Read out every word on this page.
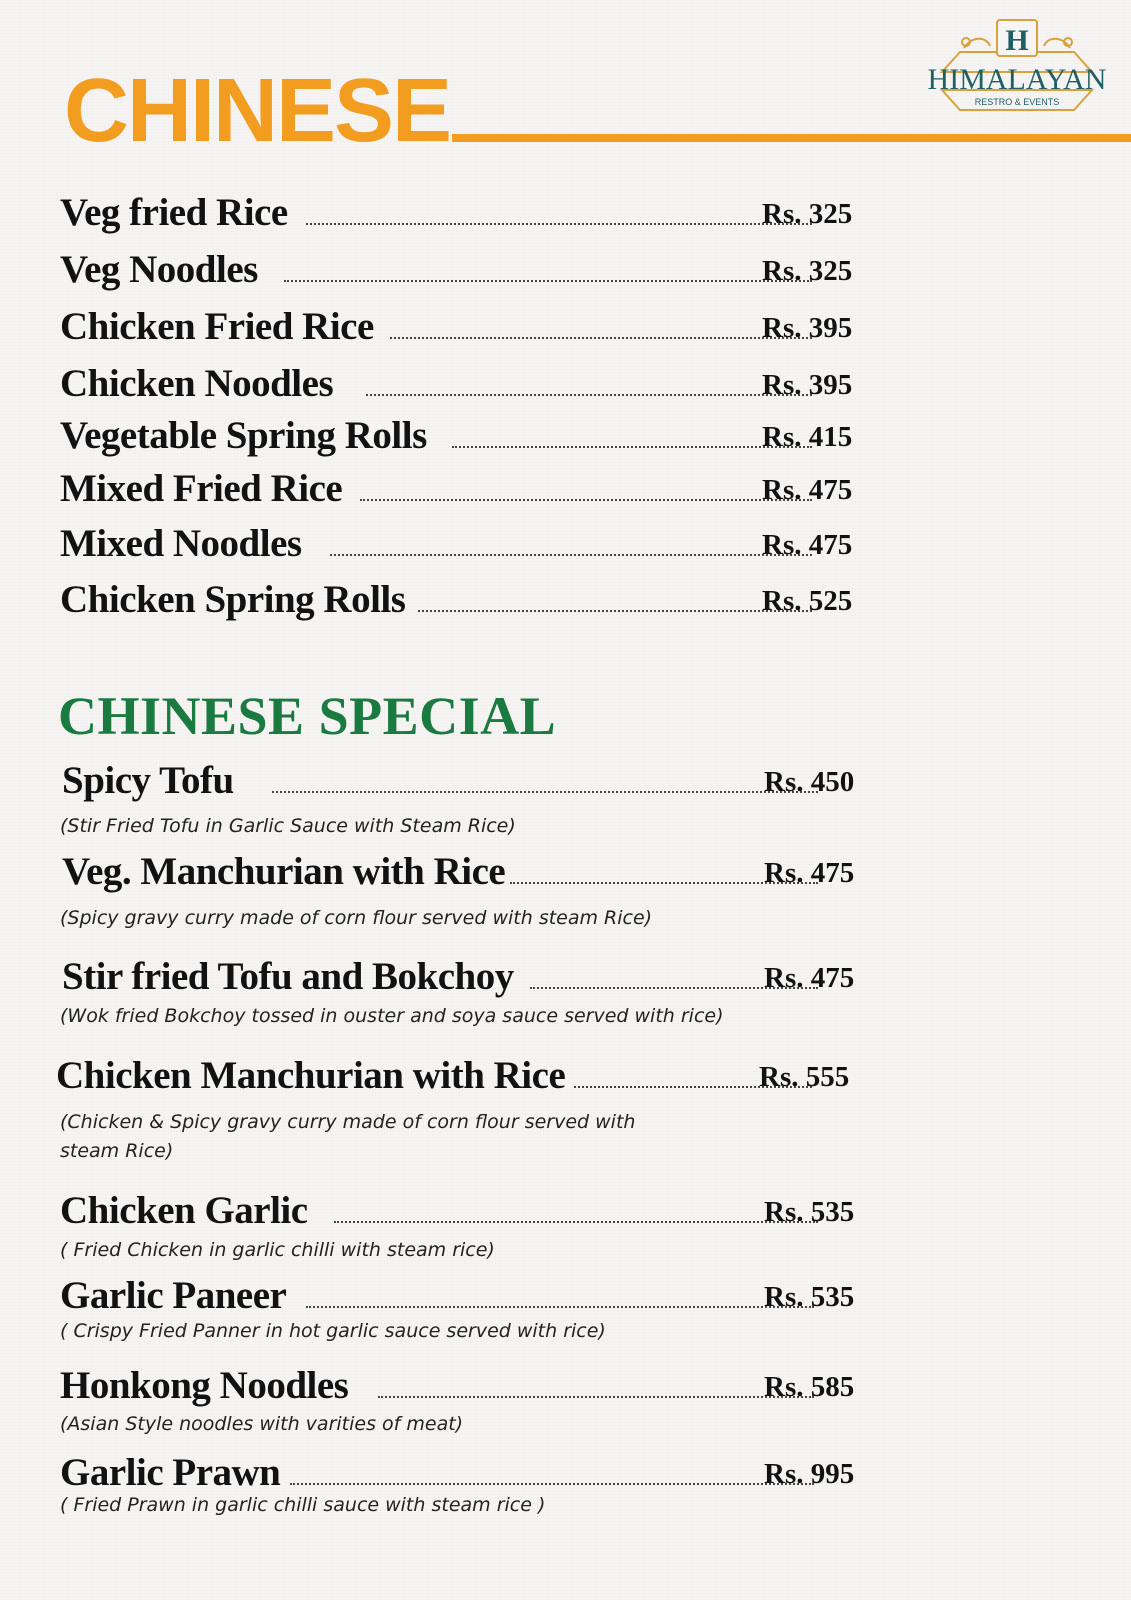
H
HIMALAYAN
RESTRO & EVENTS
CHINESE
Veg fried Rice	Rs. 325
Veg Noodles	Rs. 325
Chicken Fried Rice	Rs. 395
Chicken Noodles	Rs. 395
Vegetable Spring Rolls	Rs. 415
Mixed Fried Rice	Rs. 475
Mixed Noodles	Rs. 475
Chicken Spring Rolls	Rs. 525
CHINESE SPECIAL
Spicy Tofu	Rs. 450

(Stir Fried Tofu in Garlic Sauce with Steam Rice)

Veg. Manchurian with Rice	Rs. 475

(Spicy gravy curry made of corn flour served with steam Rice)

Stir fried Tofu and Bokchoy	Rs. 475

(Wok fried Bokchoy tossed in ouster and soya sauce served with rice)

Chicken Manchurian with Rice	Rs. 555

(Chicken & Spicy gravy curry made of corn flour served with steam Rice)

Chicken Garlic	Rs. 535

( Fried Chicken in garlic chilli with steam rice)

Garlic Paneer	Rs. 535

( Crispy Fried Panner in hot garlic sauce served with rice)

Honkong Noodles	Rs. 585

(Asian Style noodles with varities of meat)

Garlic Prawn	Rs. 995

( Fried Prawn in garlic chilli sauce with steam rice )
